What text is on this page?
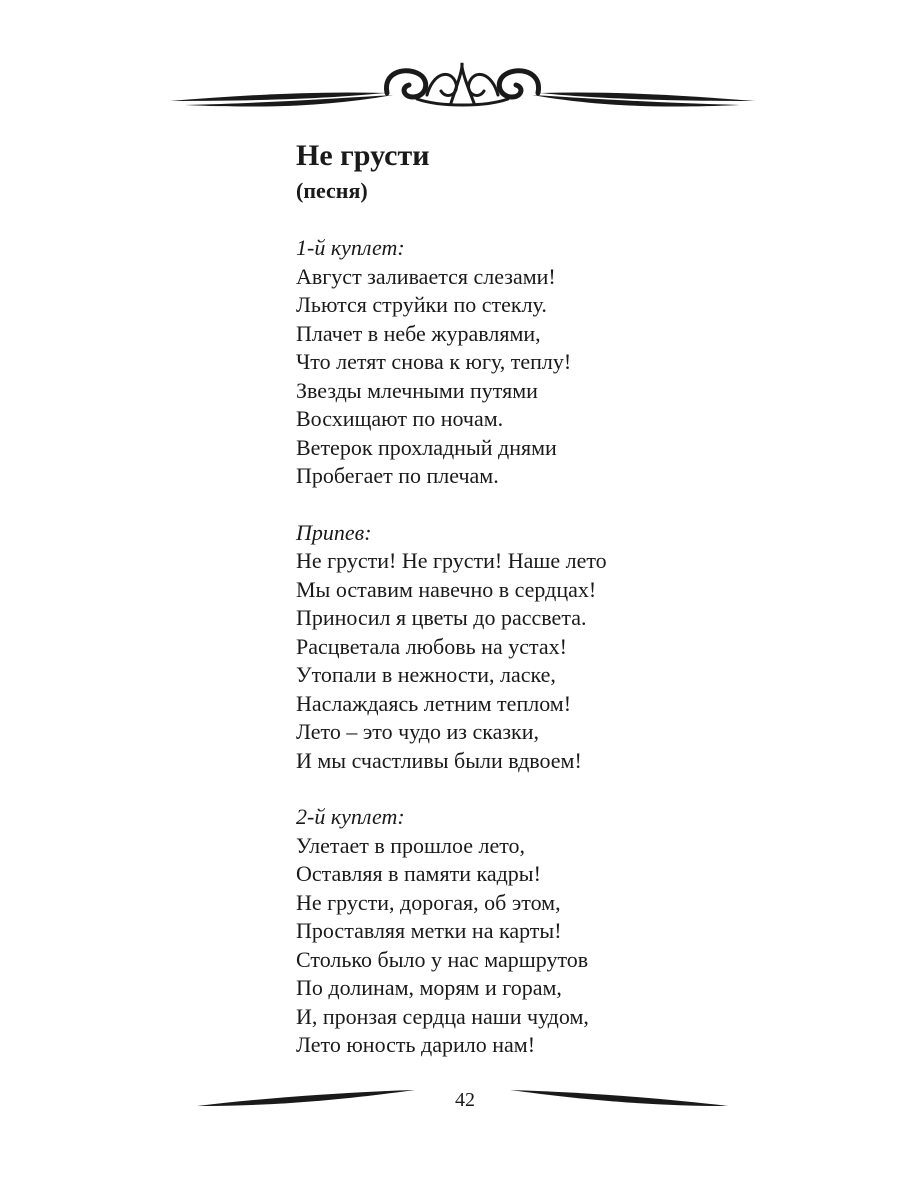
Не грусти
(песня)
1-й куплет:
Август заливается слезами!
Льются струйки по стеклу.
Плачет в небе журавлями,
Что летят снова к югу, теплу!
Звезды млечными путями
Восхищают по ночам.
Ветерок прохладный днями
Пробегает по плечам.
Припев:
Не грусти! Не грусти! Наше лето
Мы оставим навечно в сердцах!
Приносил я цветы до рассвета.
Расцветала любовь на устах!
Утопали в нежности, ласке,
Наслаждаясь летним теплом!
Лето – это чудо из сказки,
И мы счастливы были вдвоем!
2-й куплет:
Улетает в прошлое лето,
Оставляя в памяти кадры!
Не грусти, дорогая, об этом,
Проставляя метки на карты!
Столько было у нас маршрутов
По долинам, морям и горам,
И, пронзая сердца наши чудом,
Лето юность дарило нам!
42
